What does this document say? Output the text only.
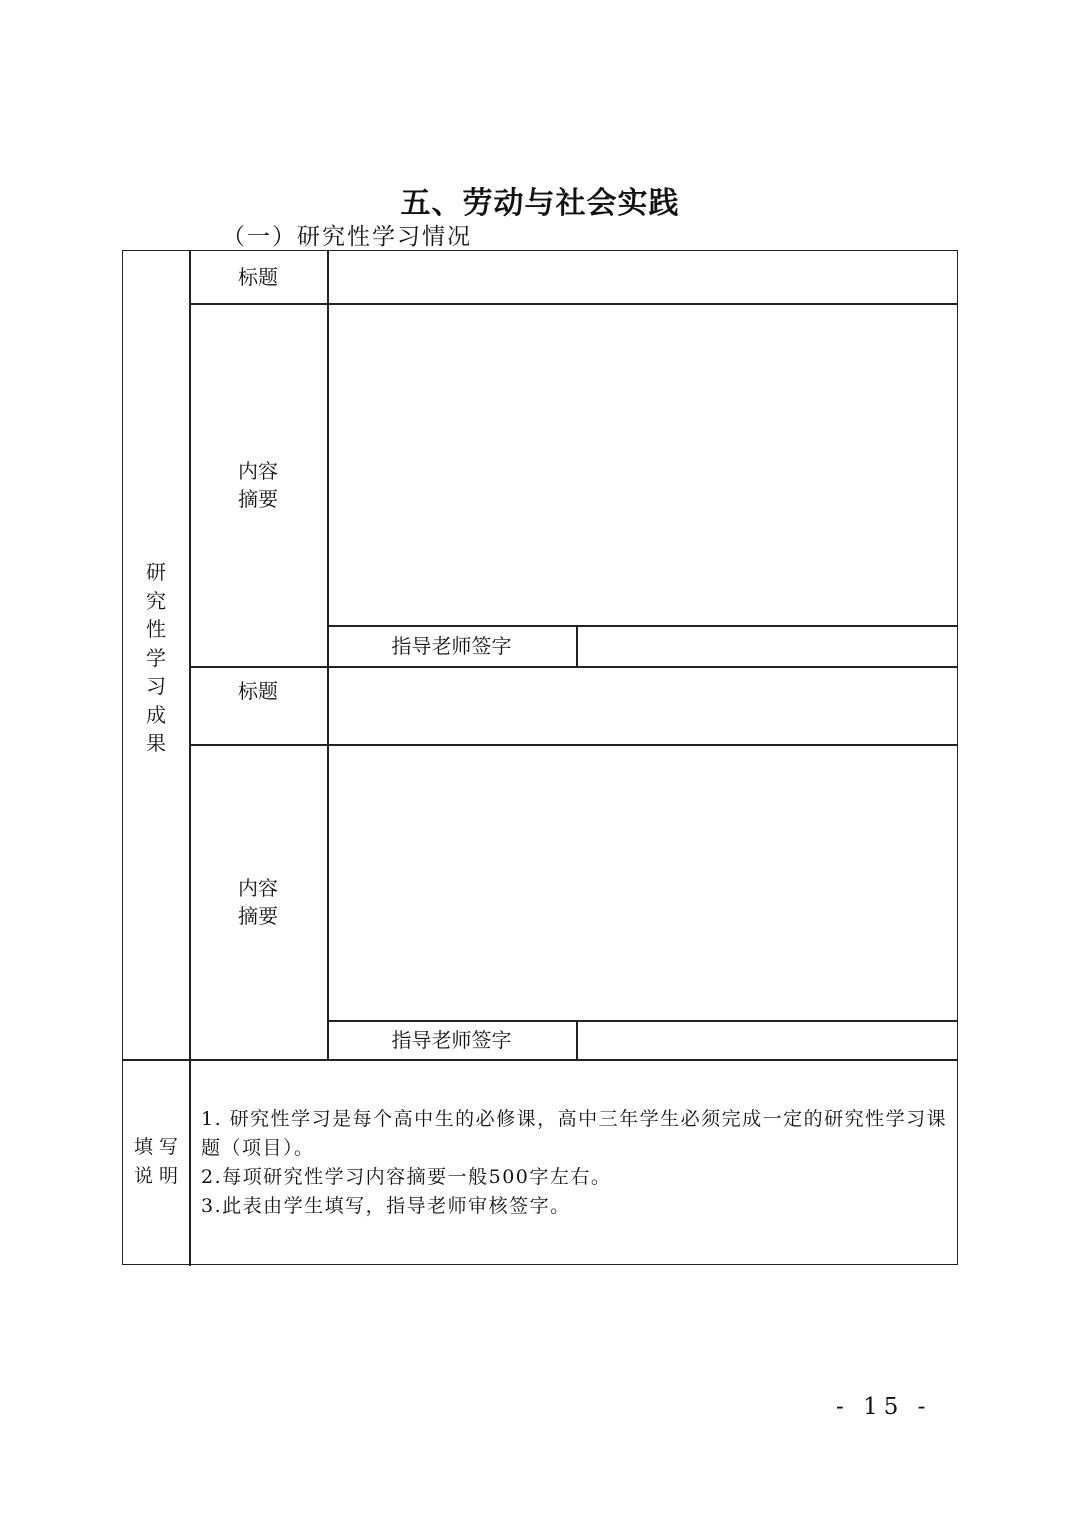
五、劳动与社会实践
（一）研究性学习情况
研
究
性
学
习
成
果
标题
内容
摘要
指导老师签字
标题
内容
摘要
指导老师签字
填 写
说 明

1. 研究性学习是每个高中生的必修课，高中三年学生必须完成一定的研究性学习课题（项目）。

2.每项研究性学习内容摘要一般500字左右。

3.此表由学生填写，指导老师审核签字。

- 15 -
